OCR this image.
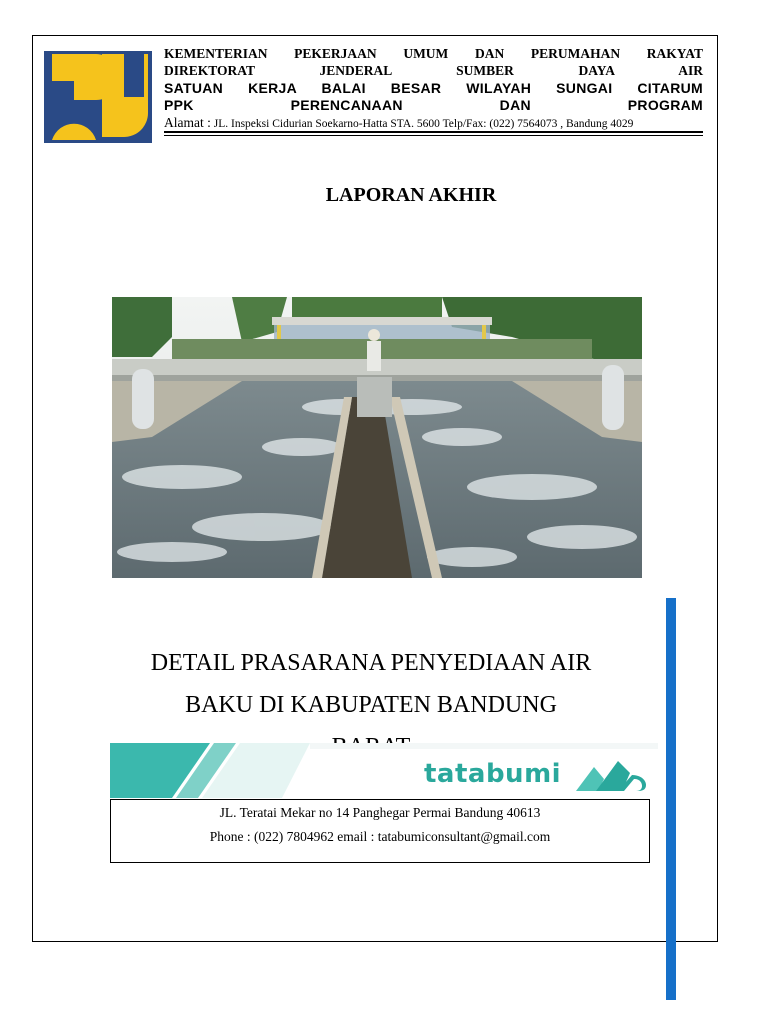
KEMENTERIAN PEKERJAAN UMUM DAN PERUMAHAN RAKYAT
DIREKTORAT JENDERAL SUMBER DAYA AIR
SATUAN KERJA BALAI BESAR WILAYAH SUNGAI CITARUM
PPK PERENCANAAN DAN PROGRAM
Alamat : JL. Inspeksi Cidurian Soekarno-Hatta STA. 5600 Telp/Fax: (022) 7564073 , Bandung 4029
LAPORAN AKHIR
DETAIL PRASARANA PENYEDIAAN AIR
BAKU DI KABUPATEN BANDUNG
tatabumi
JL. Teratai Mekar no 14 Panghegar Permai Bandung 40613
Phone : (022) 7804962 email : tatabumiconsultant@gmail.com
